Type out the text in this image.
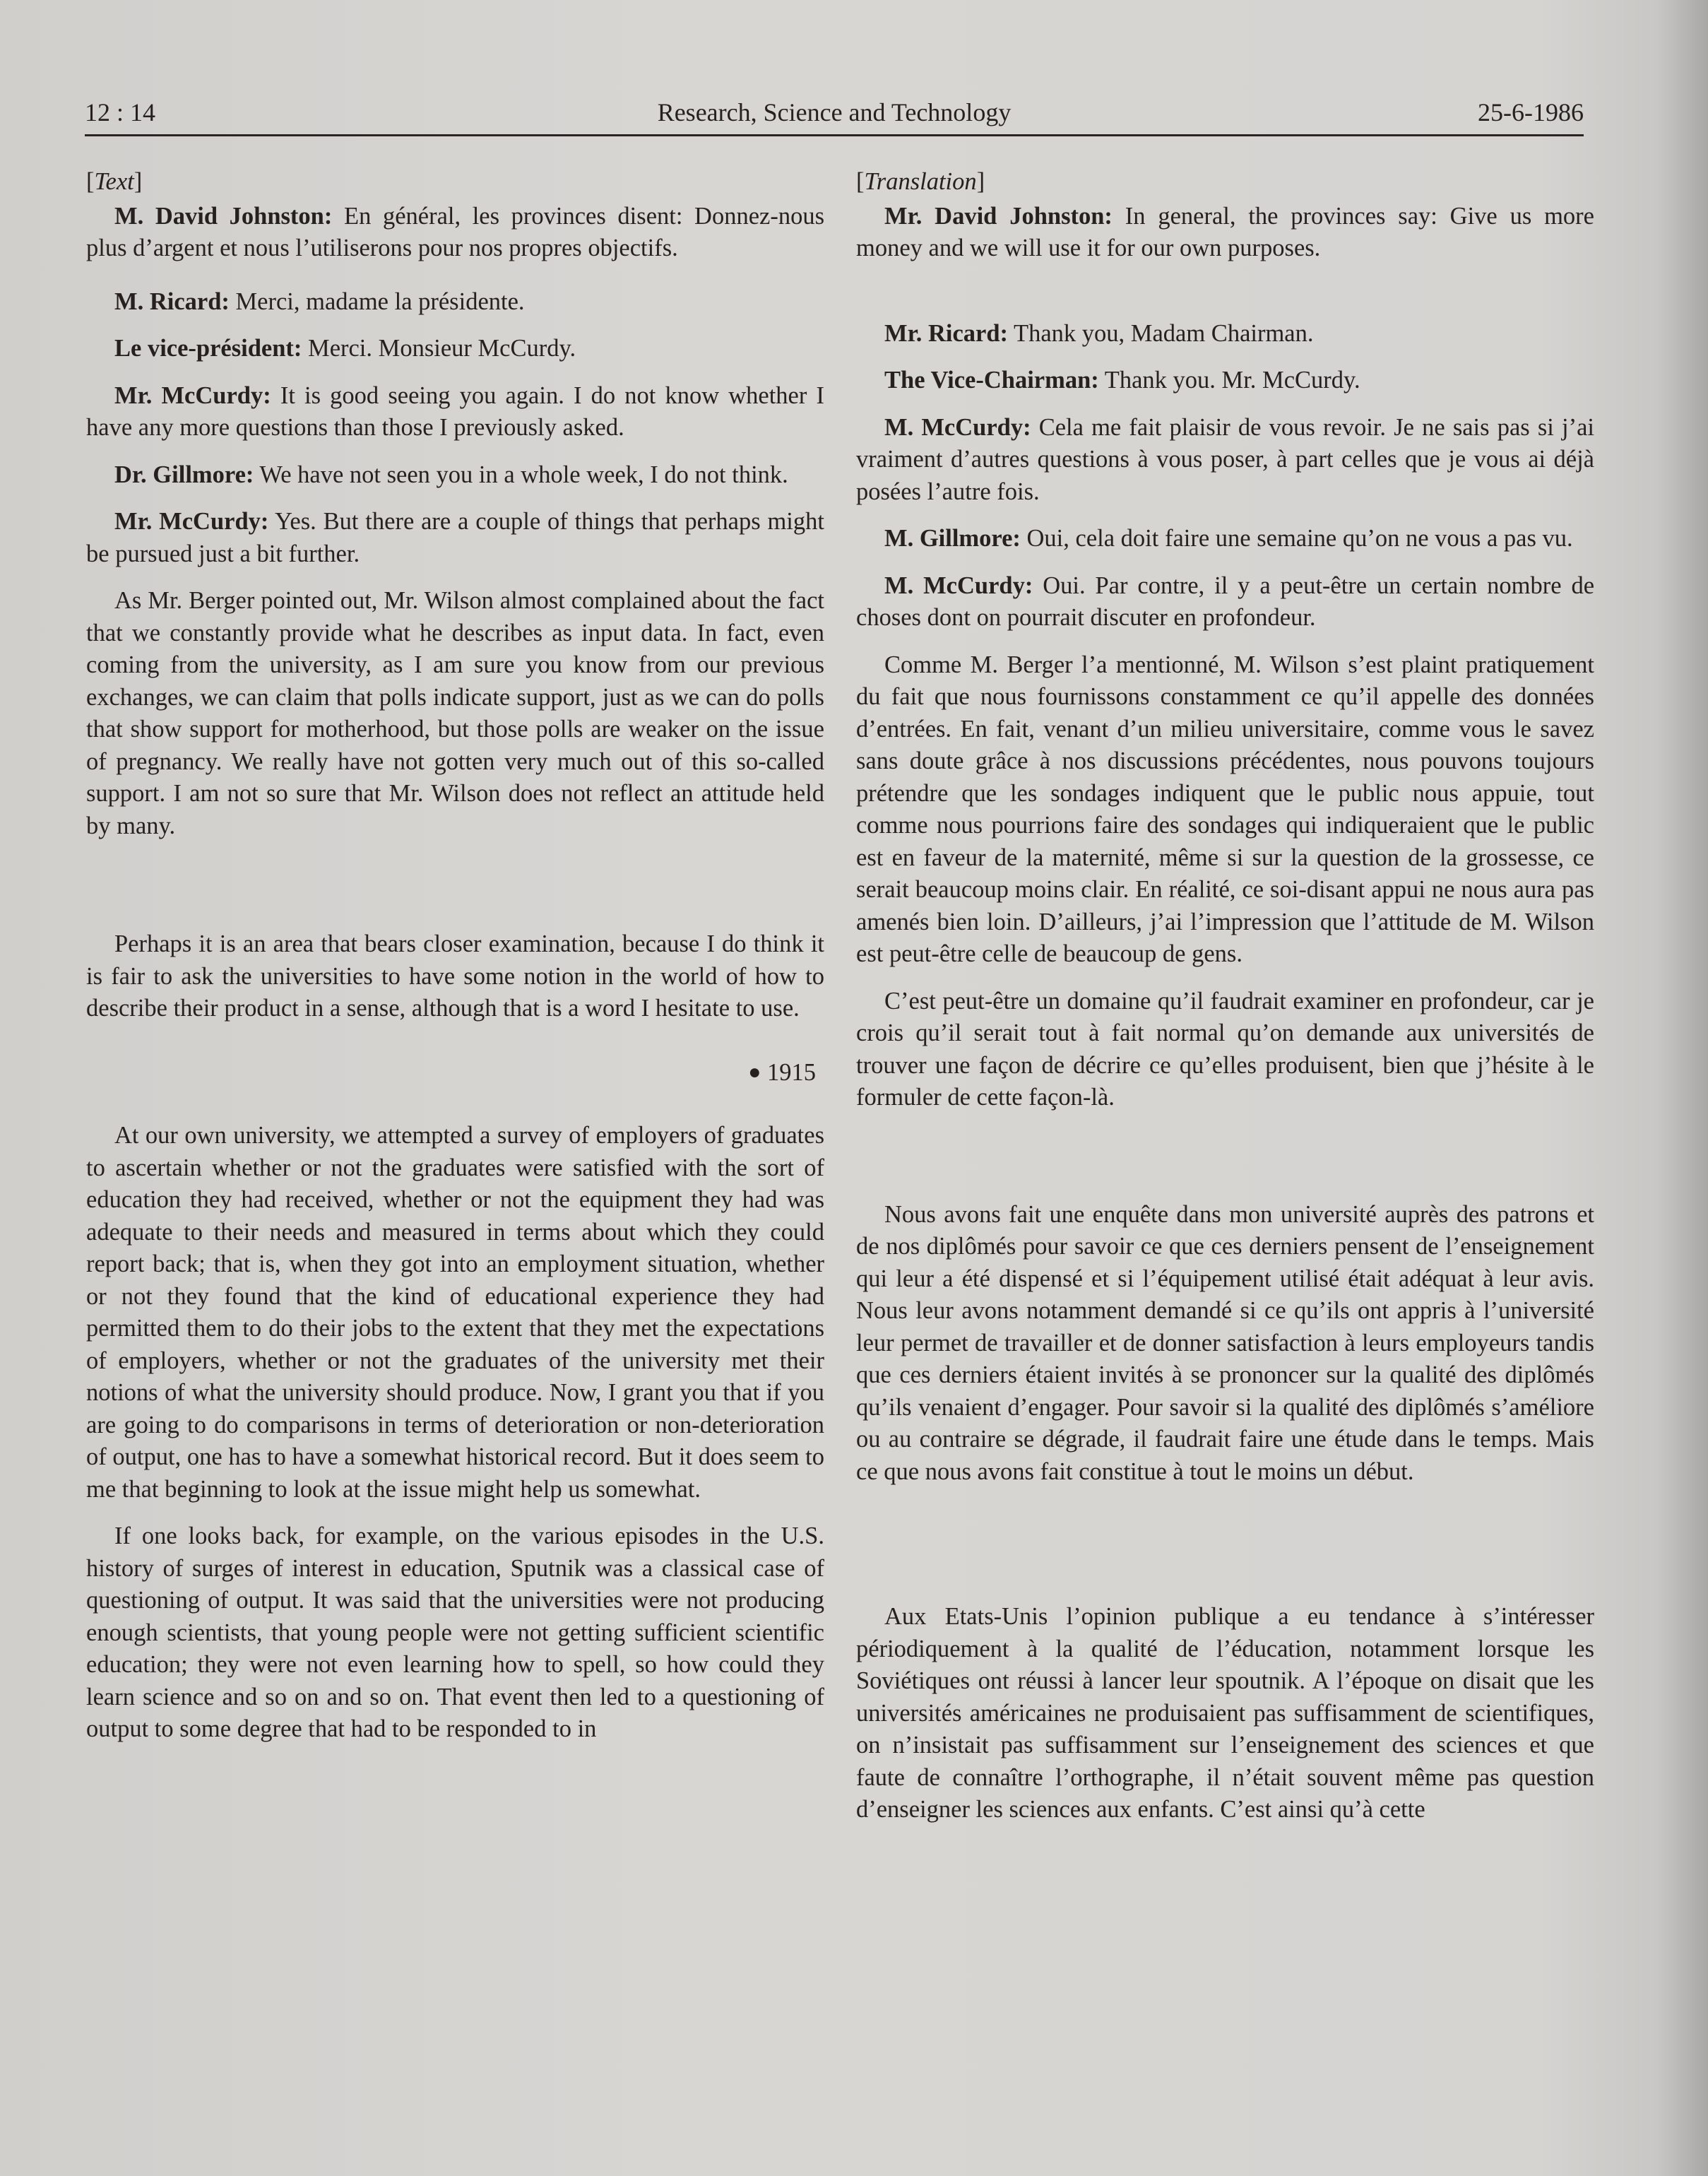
12 : 14	Research, Science and Technology	25-6-1986

[Text]

M. David Johnston: En général, les provinces disent: Donnez-nous plus d’argent et nous l’utiliserons pour nos propres objectifs.

M. Ricard: Merci, madame la présidente.

Le vice-président: Merci. Monsieur McCurdy.

Mr. McCurdy: It is good seeing you again. I do not know whether I have any more questions than those I previously asked.

Dr. Gillmore: We have not seen you in a whole week, I do not think.

Mr. McCurdy: Yes. But there are a couple of things that perhaps might be pursued just a bit further.

As Mr. Berger pointed out, Mr. Wilson almost complained about the fact that we constantly provide what he describes as input data. In fact, even coming from the university, as I am sure you know from our previous exchanges, we can claim that polls indicate support, just as we can do polls that show support for motherhood, but those polls are weaker on the issue of pregnancy. We really have not gotten very much out of this so-called support. I am not so sure that Mr. Wilson does not reflect an attitude held by many.

Perhaps it is an area that bears closer examination, because I do think it is fair to ask the universities to have some notion in the world of how to describe their product in a sense, although that is a word I hesitate to use.

● 1915

At our own university, we attempted a survey of employers of graduates to ascertain whether or not the graduates were satisfied with the sort of education they had received, whether or not the equipment they had was adequate to their needs and measured in terms about which they could report back; that is, when they got into an employment situation, whether or not they found that the kind of educational experience they had permitted them to do their jobs to the extent that they met the expectations of employers, whether or not the graduates of the university met their notions of what the university should produce. Now, I grant you that if you are going to do comparisons in terms of deterioration or non-deterioration of output, one has to have a somewhat historical record. But it does seem to me that beginning to look at the issue might help us somewhat.

If one looks back, for example, on the various episodes in the U.S. history of surges of interest in education, Sputnik was a classical case of questioning of output. It was said that the universities were not producing enough scientists, that young people were not getting sufficient scientific education; they were not even learning how to spell, so how could they learn science and so on and so on. That event then led to a questioning of output to some degree that had to be responded to in

[Translation]

Mr. David Johnston: In general, the provinces say: Give us more money and we will use it for our own purposes.

Mr. Ricard: Thank you, Madam Chairman.

The Vice-Chairman: Thank you. Mr. McCurdy.

M. McCurdy: Cela me fait plaisir de vous revoir. Je ne sais pas si j’ai vraiment d’autres questions à vous poser, à part celles que je vous ai déjà posées l’autre fois.

M. Gillmore: Oui, cela doit faire une semaine qu’on ne vous a pas vu.

M. McCurdy: Oui. Par contre, il y a peut-être un certain nombre de choses dont on pourrait discuter en profondeur.

Comme M. Berger l’a mentionné, M. Wilson s’est plaint pratiquement du fait que nous fournissons constamment ce qu’il appelle des données d’entrées. En fait, venant d’un milieu universitaire, comme vous le savez sans doute grâce à nos discussions précédentes, nous pouvons toujours prétendre que les sondages indiquent que le public nous appuie, tout comme nous pourrions faire des sondages qui indiqueraient que le public est en faveur de la maternité, même si sur la question de la grossesse, ce serait beaucoup moins clair. En réalité, ce soi-disant appui ne nous aura pas amenés bien loin. D’ailleurs, j’ai l’impression que l’attitude de M. Wilson est peut-être celle de beaucoup de gens.

C’est peut-être un domaine qu’il faudrait examiner en profondeur, car je crois qu’il serait tout à fait normal qu’on demande aux universités de trouver une façon de décrire ce qu’elles produisent, bien que j’hésite à le formuler de cette façon-là.

Nous avons fait une enquête dans mon université auprès des patrons et de nos diplômés pour savoir ce que ces derniers pensent de l’enseignement qui leur a été dispensé et si l’équipement utilisé était adéquat à leur avis. Nous leur avons notamment demandé si ce qu’ils ont appris à l’université leur permet de travailler et de donner satisfaction à leurs employeurs tandis que ces derniers étaient invités à se prononcer sur la qualité des diplômés qu’ils venaient d’engager. Pour savoir si la qualité des diplômés s’améliore ou au contraire se dégrade, il faudrait faire une étude dans le temps. Mais ce que nous avons fait constitue à tout le moins un début.

Aux Etats-Unis l’opinion publique a eu tendance à s’intéresser périodiquement à la qualité de l’éducation, notamment lorsque les Soviétiques ont réussi à lancer leur spoutnik. A l’époque on disait que les universités américaines ne produisaient pas suffisamment de scientifiques, on n’insistait pas suffisamment sur l’enseignement des sciences et que faute de connaître l’orthographe, il n’était souvent même pas question d’enseigner les sciences aux enfants. C’est ainsi qu’à cette
